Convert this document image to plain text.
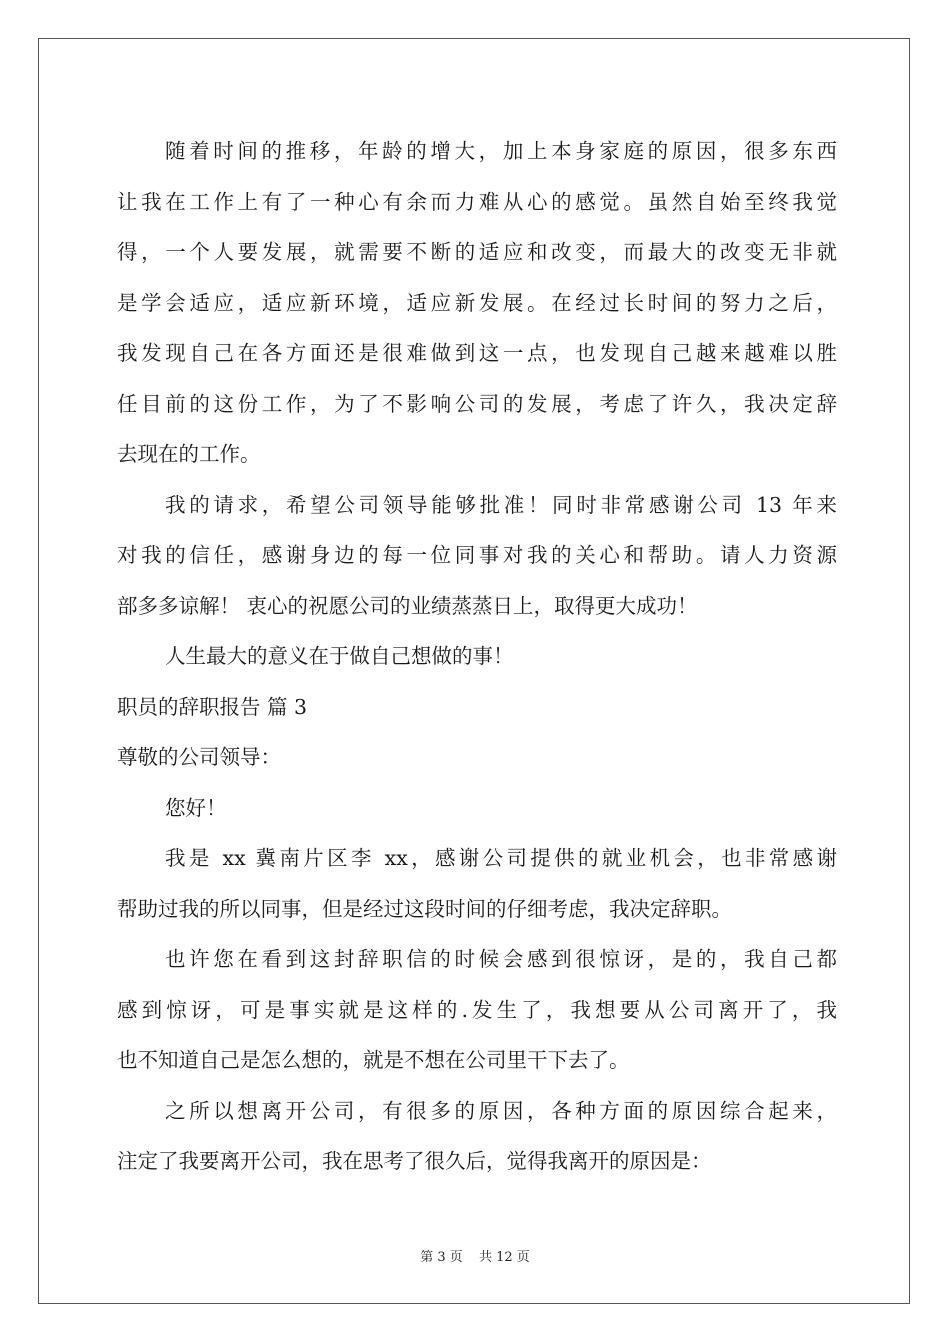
随着时间的推移，年龄的增大，加上本身家庭的原因，很多东西
让我在工作上有了一种心有余而力难从心的感觉。虽然自始至终我觉
得，一个人要发展，就需要不断的适应和改变，而最大的改变无非就
是学会适应，适应新环境，适应新发展。在经过长时间的努力之后，
我发现自己在各方面还是很难做到这一点，也发现自己越来越难以胜
任目前的这份工作，为了不影响公司的发展，考虑了许久，我决定辞
去现在的工作。
我的请求，希望公司领导能够批准！同时非常感谢公司 13 年来
对我的信任，感谢身边的每一位同事对我的关心和帮助。请人力资源
部多多谅解！ 衷心的祝愿公司的业绩蒸蒸日上，取得更大成功！
人生最大的意义在于做自己想做的事！
职员的辞职报告 篇 3
尊敬的公司领导：
您好！
我是 xx 冀南片区李 xx，感谢公司提供的就业机会，也非常感谢
帮助过我的所以同事，但是经过这段时间的仔细考虑，我决定辞职。
也许您在看到这封辞职信的时候会感到很惊讶，是的，我自己都
感到惊讶，可是事实就是这样的.发生了，我想要从公司离开了，我
也不知道自己是怎么想的，就是不想在公司里干下去了。
之所以想离开公司，有很多的原因，各种方面的原因综合起来，
注定了我要离开公司，我在思考了很久后，觉得我离开的原因是：
第 3 页 共 12 页
